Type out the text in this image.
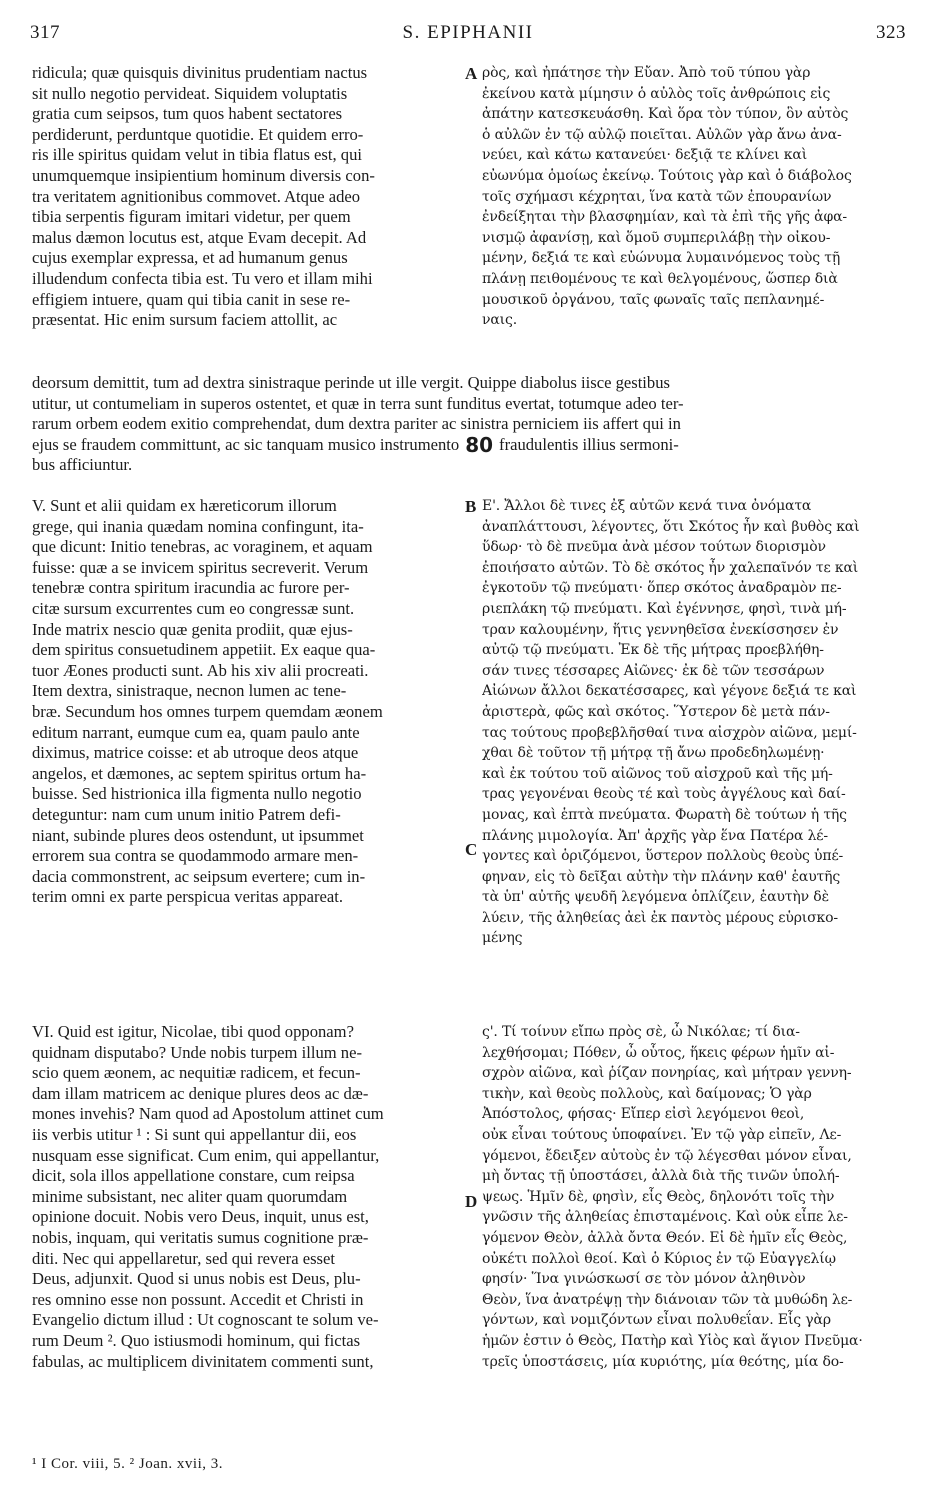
317	S. EPIPHANII	323
ridicula; quæ quisquis divinitus prudentiam nactus
sit nullo negotio pervideat. Siquidem voluptatis
gratia cum seipsos, tum quos habent sectatores
perdiderunt, perduntque quotidie. Et quidem erro-
ris ille spiritus quidam velut in tibia flatus est, qui
unumquemque insipientium hominum diversis con-
tra veritatem agnitionibus commovet. Atque adeo
tibia serpentis figuram imitari videtur, per quem
malus dæmon locutus est, atque Evam decepit. Ad
cujus exemplar expressa, et ad humanum genus
illudendum confecta tibia est. Tu vero et illam mihi
effigiem intuere, quam qui tibia canit in sese re-
præsentat. Hic enim sursum faciem attollit, ac
A ρὸς, καὶ ἠπάτησε τὴν Εὔαν. Ἀπὸ τοῦ τύπου γὰρ
ἐκείνου κατὰ μίμησιν ὁ αὐλὸς τοῖς ἀνθρώποις εἰς
ἀπάτην κατεσκευάσθη. Καὶ ὅρα τὸν τύπον, ὃν αὐτὸς
ὁ αὐλῶν ἐν τῷ αὐλῷ ποιεῖται. Αὐλῶν γὰρ ἄνω ἀνα-
νεύει, καὶ κάτω κατανεύει· δεξιᾷ τε κλίνει καὶ
εὐωνύμα ὁμοίως ἐκείνῳ. Τούτοις γὰρ καὶ ὁ διάβολος
τοῖς σχήμασι κέχρηται, ἵνα κατὰ τῶν ἐπουρανίων
ἐνδείξηται τὴν βλασφημίαν, καὶ τὰ ἐπὶ τῆς γῆς ἀφα-
νισμῷ ἀφανίσῃ, καὶ ὅμοῦ συμπεριλάβῃ τὴν οἰκου-
μένην, δεξιά τε καὶ εὐώνυμα λυμαινόμενος τοὺς τῇ
πλάνῃ πειθομένους τε καὶ θελγομένους, ὥσπερ διὰ
μουσικοῦ ὀργάνου, ταῖς φωναῖς ταῖς πεπλανημέ-
ναις.
deorsum demittit, tum ad dextra sinistraque perinde ut ille vergit. Quippe diabolus iisce gestibus
utitur, ut contumeliam in superos ostentet, et quæ in terra sunt funditus evertat, totumque adeo ter-
rarum orbem eodem exitio comprehendat, dum dextra pariter ac sinistra perniciem iis affert qui in
ejus se fraudem committunt, ac sic tanquam musico instrumento 80 fraudulentis illius sermoni-
bus afficiuntur.
V. Sunt et alii quidam ex hæreticorum illorum
grege, qui inania quædam nomina confingunt, ita-
que dicunt: Initio tenebras, ac voraginem, et aquam
fuisse: quæ a se invicem spiritus secreverit. Verum
tenebræ contra spiritum iracundia ac furore per-
citæ sursum excurrentes cum eo congressæ sunt.
Inde matrix nescio quæ genita prodiit, quæ ejus-
dem spiritus consuetudinem appetiit. Ex eaque qua-
tuor Æones producti sunt. Ab his xiv alii procreati.
Item dextra, sinistraque, necnon lumen ac tene-
bræ. Secundum hos omnes turpem quemdam æonem
editum narrant, eumque cum ea, quam paulo ante
diximus, matrice coisse: et ab utroque deos atque
angelos, et dæmones, ac septem spiritus ortum ha-
buisse. Sed histrionica illa figmenta nullo negotio
deteguntur: nam cum unum initio Patrem defi-
niant, subinde plures deos ostendunt, ut ipsummet
errorem sua contra se quodammodo armare men-
dacia commonstrent, ac seipsum evertere; cum in-
terim omni ex parte perspicua veritas appareat.
B
C
Ε'. Ἄλλοι δὲ τινες ἐξ αὐτῶν κενά τινα ὀνόματα
ἀναπλάττουσι, λέγοντες, ὅτι Σκότος ἦν καὶ βυθὸς καὶ
ὕδωρ· τὸ δὲ πνεῦμα ἀνὰ μέσον τούτων διορισμὸν
ἐποιήσατο αὐτῶν. Τὸ δὲ σκότος ἦν χαλεπαῖνόν τε καὶ
ἐγκοτοῦν τῷ πνεύματι· ὅπερ σκότος ἀναδραμὸν πε-
ριεπλάκη τῷ πνεύματι. Καὶ ἐγέννησε, φησὶ, τινὰ μή-
τραν καλουμένην, ἥτις γεννηθεῖσα ἐνεκίσσησεν ἐν
αὐτῷ τῷ πνεύματι. Ἐκ δὲ τῆς μήτρας προεβλήθη-
σάν τινες τέσσαρες Αἰῶνες· ἐκ δὲ τῶν τεσσάρων
Αἰώνων ἄλλοι δεκατέσσαρες, καὶ γέγονε δεξιά τε καὶ
ἀριστερὰ, φῶς καὶ σκότος. Ὕστερον δὲ μετὰ πάν-
τας τούτους προβεβλῆσθαί τινα αἰσχρὸν αἰῶνα, μεμί-
χθαι δὲ τοῦτον τῇ μήτρᾳ τῇ ἄνω προδεδηλωμένῃ·
καὶ ἐκ τούτου τοῦ αἰῶνος τοῦ αἰσχροῦ καὶ τῆς μή-
τρας γεγονέναι θεοὺς τέ καὶ τοὺς ἀγγέλους καὶ δαί-
μονας, καὶ ἑπτὰ πνεύματα. Φωρατὴ δὲ τούτων ἡ τῆς
πλάνης μιμολογία. Ἀπ' ἀρχῆς γὰρ ἕνα Πατέρα λέ-
γοντες καὶ ὁριζόμενοι, ὕστερον πολλοὺς θεοὺς ὑπέ-
φηναν, εἰς τὸ δεῖξαι αὐτὴν τὴν πλάνην καθ' ἑαυτῆς
τὰ ὑπ' αὐτῆς ψευδῆ λεγόμενα ὁπλίζειν, ἑαυτὴν δὲ
λύειν, τῆς ἀληθείας ἀεὶ ἐκ παντὸς μέρους εὑρισκο-
μένης
VI. Quid est igitur, Nicolae, tibi quod opponam?
quidnam disputabo? Unde nobis turpem illum ne-
scio quem æonem, ac nequitiæ radicem, et fecun-
dam illam matricem ac denique plures deos ac dæ-
mones invehis? Nam quod ad Apostolum attinet cum
iis verbis utitur ¹ : Si sunt qui appellantur dii, eos
nusquam esse significat. Cum enim, qui appellantur,
dicit, sola illos appellatione constare, cum reipsa
minime subsistant, nec aliter quam quorumdam
opinione docuit. Nobis vero Deus, inquit, unus est,
nobis, inquam, qui veritatis sumus cognitione præ-
diti. Nec qui appellaretur, sed qui revera esset
Deus, adjunxit. Quod si unus nobis est Deus, plu-
res omnino esse non possunt. Accedit et Christi in
Evangelio dictum illud : Ut cognoscant te solum ve-
rum Deum ². Quo istiusmodi hominum, qui fictas
fabulas, ac multiplicem divinitatem commenti sunt,
D
ς'. Τί τοίνυν εἴπω πρὸς σὲ, ὦ Νικόλαε; τί δια-
λεχθήσομαι; Πόθεν, ὦ οὗτος, ἥκεις φέρων ἡμῖν αἰ-
σχρὸν αἰῶνα, καὶ ῥίζαν πονηρίας, καὶ μήτραν γεννη-
τικὴν, καὶ θεοὺς πολλοὺς, καὶ δαίμονας; Ὁ γὰρ
Ἀπόστολος, φήσας· Εἴπερ εἰσὶ λεγόμενοι θεοὶ,
οὐκ εἶναι τούτους ὑποφαίνει. Ἐν τῷ γὰρ εἰπεῖν, Λε-
γόμενοι, ἔδειξεν αὐτοὺς ἐν τῷ λέγεσθαι μόνον εἶναι,
μὴ ὄντας τῇ ὑποστάσει, ἀλλὰ διὰ τῆς τινῶν ὑπολή-
ψεως. Ἡμῖν δὲ, φησὶν, εἷς Θεὸς, δηλονότι τοῖς τὴν
γνῶσιν τῆς ἀληθείας ἐπισταμένοις. Καὶ οὐκ εἶπε λε-
γόμενον Θεὸν, ἀλλὰ ὄντα Θεόν. Εἰ δὲ ἡμῖν εἷς Θεὸς,
οὐκέτι πολλοὶ θεοί. Καὶ ὁ Κύριος ἐν τῷ Εὐαγγελίῳ
φησίν· Ἵνα γινώσκωσί σε τὸν μόνον ἀληθινὸν
Θεὸν, ἵνα ἀνατρέψῃ τὴν διάνοιαν τῶν τὰ μυθώδη λε-
γόντων, καὶ νομιζόντων εἶναι πολυθεΐαν. Εἷς γὰρ
ἡμῶν ἐστιν ὁ Θεὸς, Πατὴρ καὶ Υἱὸς καὶ ἅγιον Πνεῦμα·
τρεῖς ὑποστάσεις, μία κυριότης, μία θεότης, μία δο-
¹ I Cor. viii, 5. ² Joan. xvii, 3.
